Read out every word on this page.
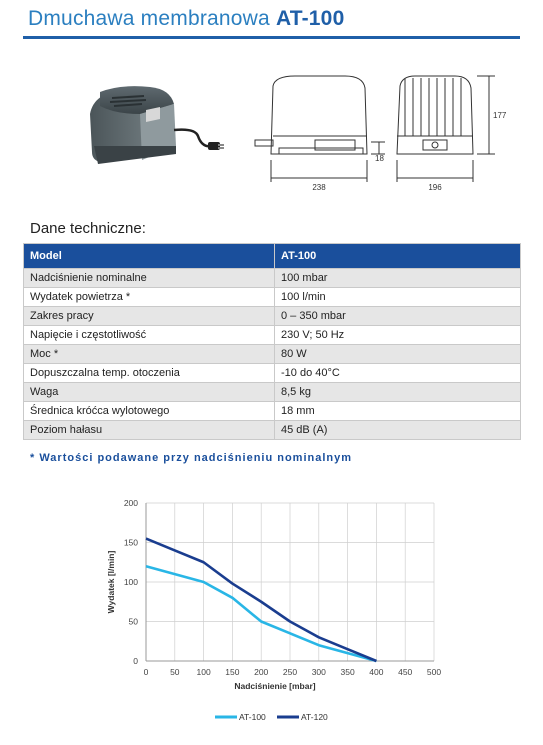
Dmuchawa membranowa AT-100
238	196
177
18
Dane techniczne:
Model	AT-100
Nadciśnienie nominalne	100 mbar
Wydatek powietrza *	100 l/min
Zakres pracy	0 – 350 mbar
Napięcie i częstotliwość	230 V; 50 Hz
Moc *	80 W
Dopuszczalna temp. otoczenia	-10 do 40°C
Waga	8,5 kg
Średnica króćca wylotowego	18 mm
Poziom hałasu	45 dB (A)
* Wartości podawane przy nadciśnieniu nominalnym
0	50 100 150 200 250 300 350 400 450 500
0
50
100
150
200
Nadciśnienie [mbar]
Wydatek [l/min]
AT-100	AT-120
